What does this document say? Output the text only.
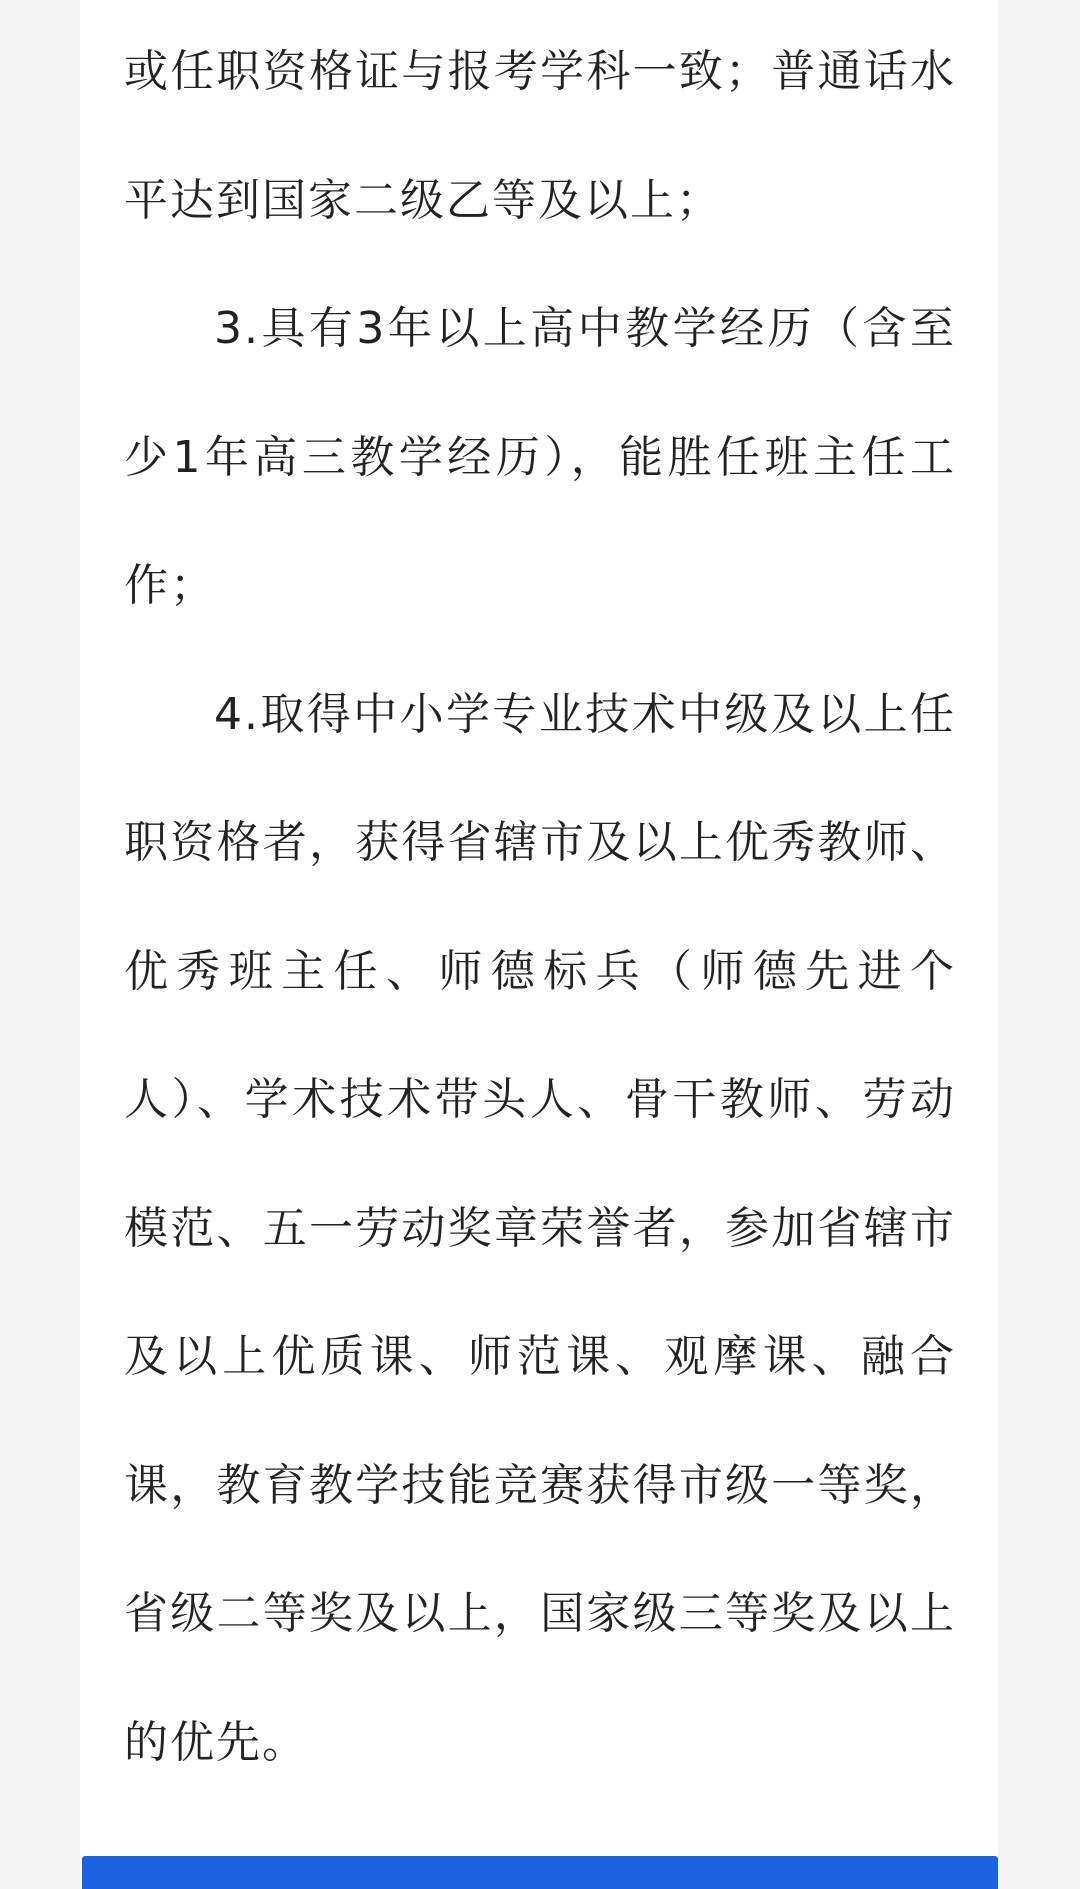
或任职资格证与报考学科一致；普通话水
平达到国家二级乙等及以上；
3.具有3年以上高中教学经历（含至
少1年高三教学经历），能胜任班主任工
作；
4.取得中小学专业技术中级及以上任
职资格者，获得省辖市及以上优秀教师、
优秀班主任、师德标兵（师德先进个
人）、学术技术带头人、骨干教师、劳动
模范、五一劳动奖章荣誉者，参加省辖市
及以上优质课、师范课、观摩课、融合
课，教育教学技能竞赛获得市级一等奖，
省级二等奖及以上，国家级三等奖及以上
的优先。
